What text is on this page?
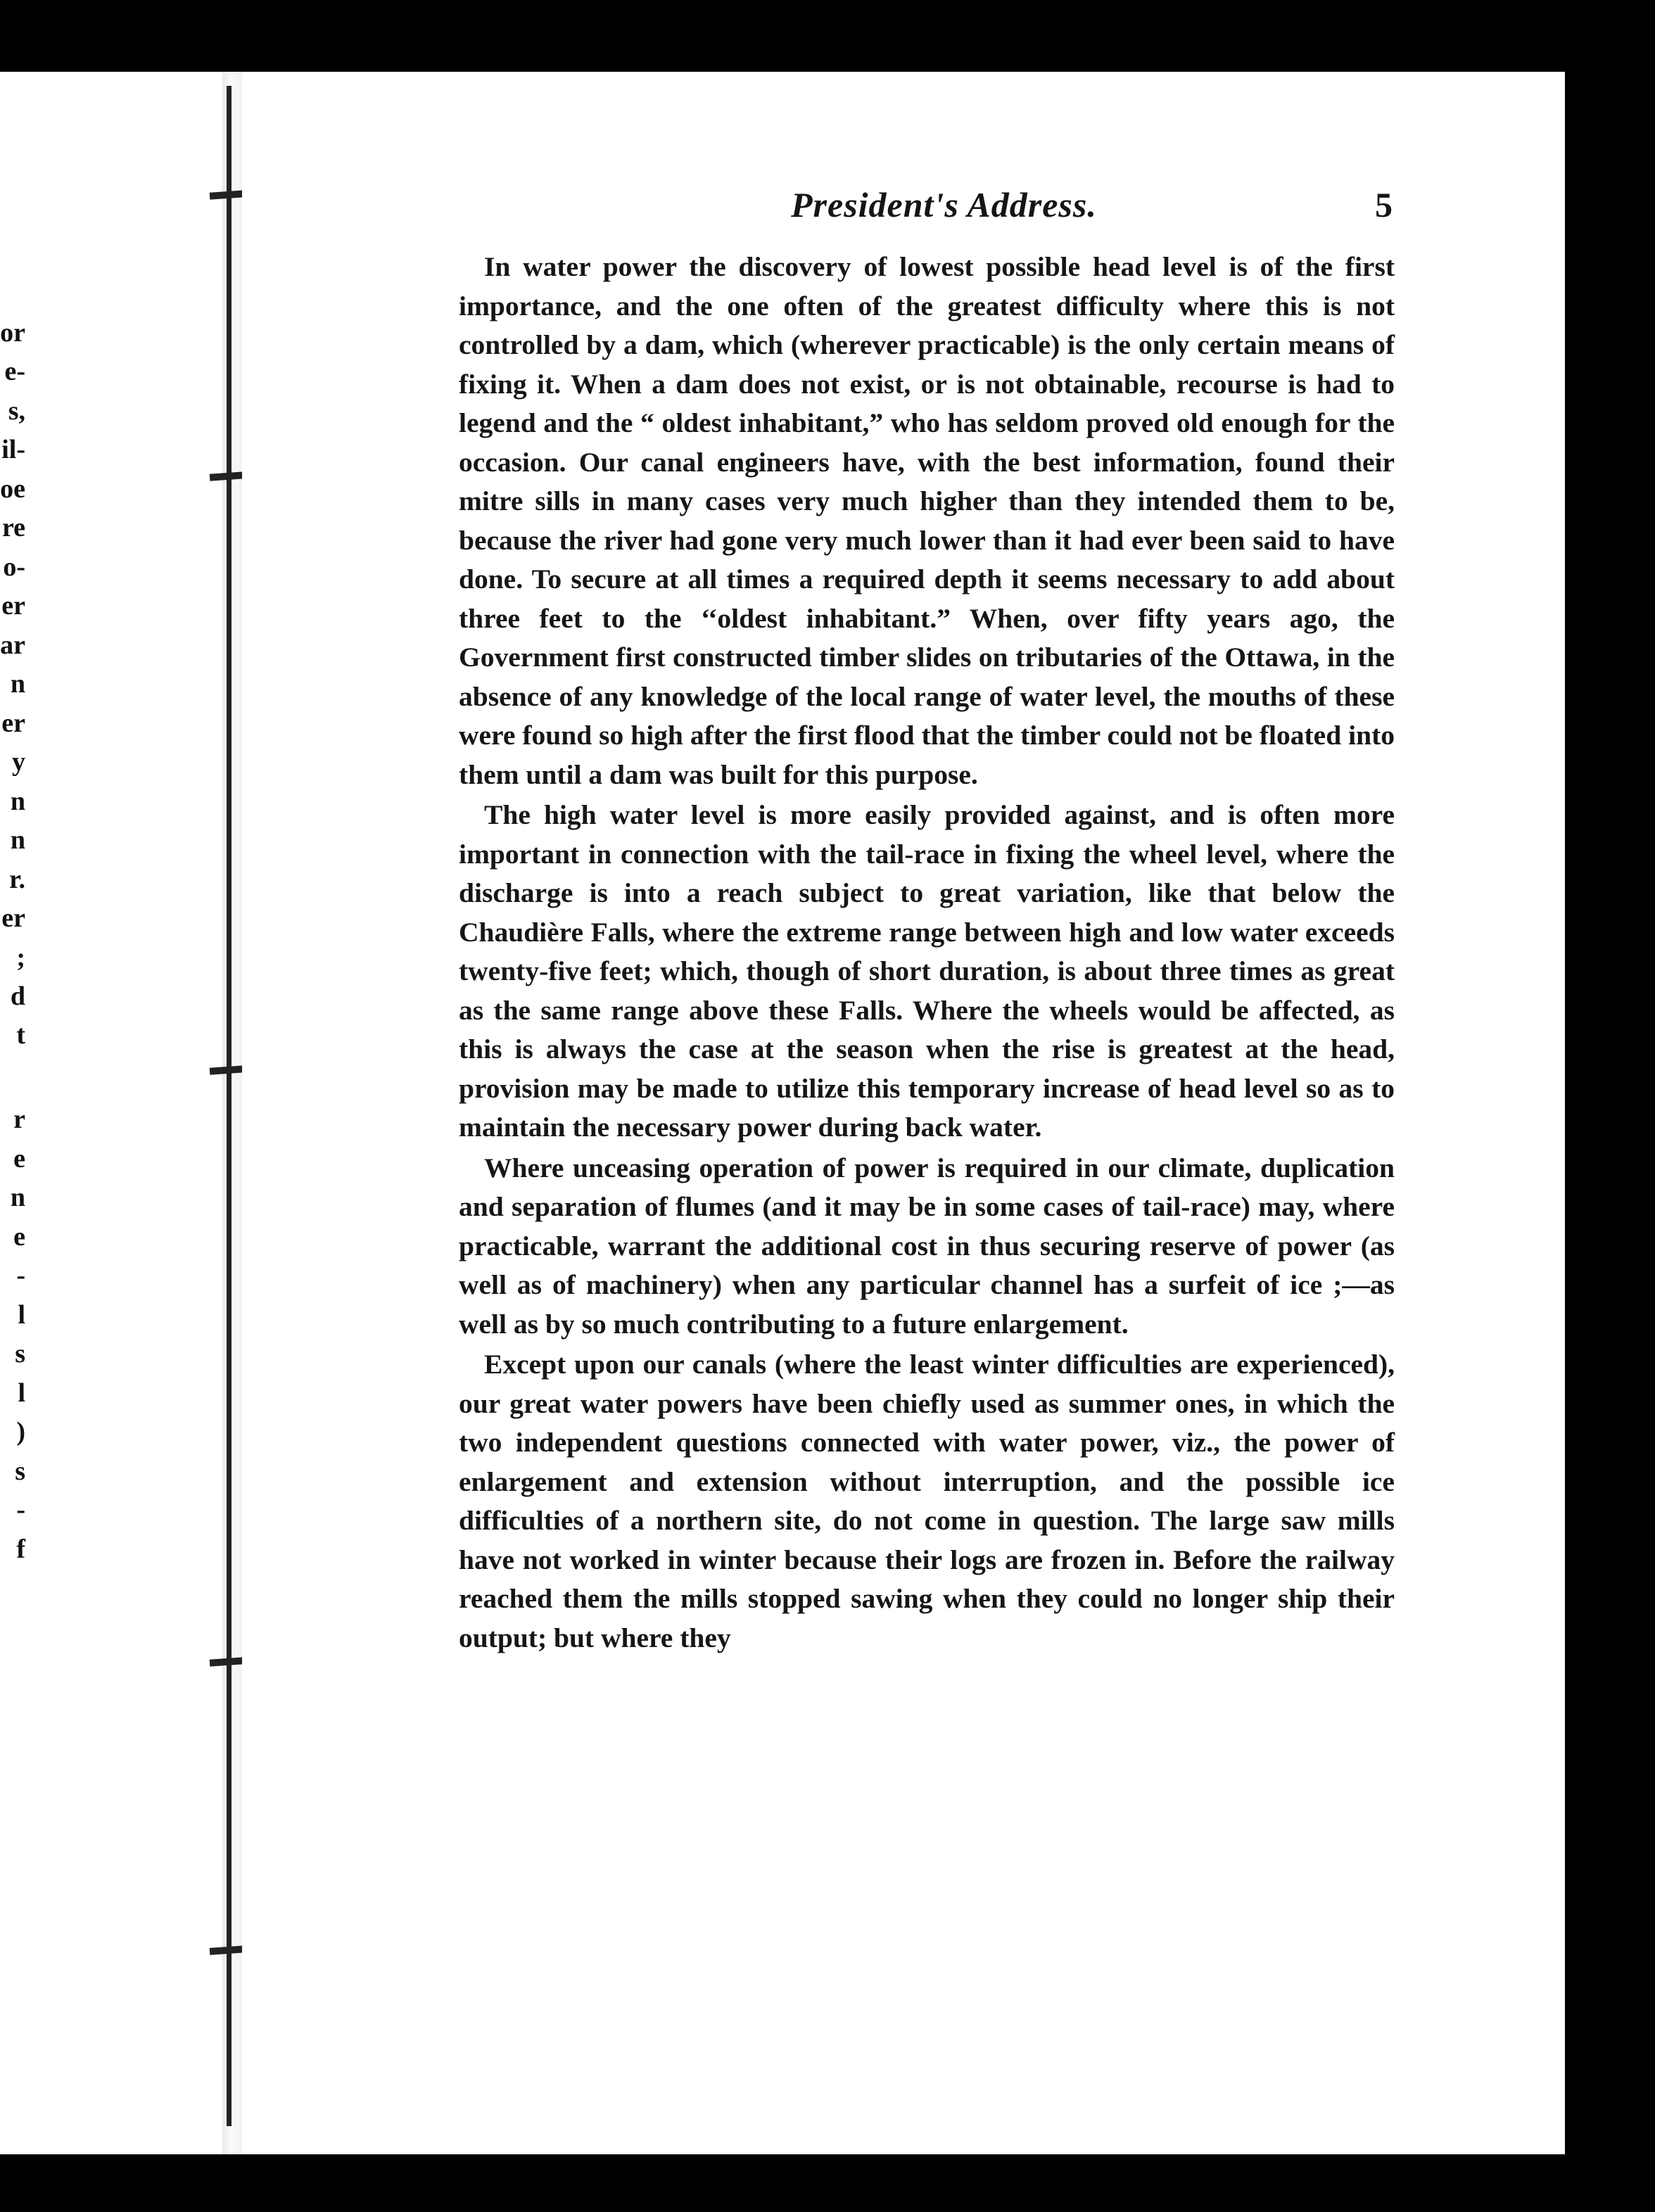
or
e-
s,
il-
oe
re
o-
er
ar
n
er
y
n
n
r.
er
;
d
t
r
e
n
e
-
l
s
l
)
s
-
f
President's Address.	5

In water power the discovery of lowest possible head level is of the first importance, and the one often of the greatest difficulty where this is not controlled by a dam, which (wherever practicable) is the only certain means of fixing it. When a dam does not exist, or is not obtainable, recourse is had to legend and the “ oldest inhabitant,” who has seldom proved old enough for the occasion. Our canal engineers have, with the best information, found their mitre sills in many cases very much higher than they intended them to be, because the river had gone very much lower than it had ever been said to have done. To secure at all times a required depth it seems necessary to add about three feet to the ‘‘oldest inhabitant.” When, over fifty years ago, the Government first constructed timber slides on tributaries of the Ottawa, in the absence of any knowledge of the local range of water level, the mouths of these were found so high after the first flood that the timber could not be floated into them until a dam was built for this purpose.

The high water level is more easily provided against, and is often more important in connection with the tail-race in fixing the wheel level, where the discharge is into a reach subject to great variation, like that below the Chaudière Falls, where the extreme range between high and low water exceeds twenty-five feet; which, though of short duration, is about three times as great as the same range above these Falls. Where the wheels would be affected, as this is always the case at the season when the rise is greatest at the head, provision may be made to utilize this temporary increase of head level so as to maintain the necessary power during back water.

Where unceasing operation of power is required in our climate, duplication and separation of flumes (and it may be in some cases of tail-race) may, where practicable, warrant the additional cost in thus securing reserve of power (as well as of machinery) when any particular channel has a surfeit of ice ;—as well as by so much contributing to a future enlargement.

Except upon our canals (where the least winter difficulties are experienced), our great water powers have been chiefly used as summer ones, in which the two independent questions connected with water power, viz., the power of enlargement and extension without interruption, and the possible ice difficulties of a northern site, do not come in question. The large saw mills have not worked in winter because their logs are frozen in. Before the railway reached them the mills stopped sawing when they could no longer ship their output; but where they
